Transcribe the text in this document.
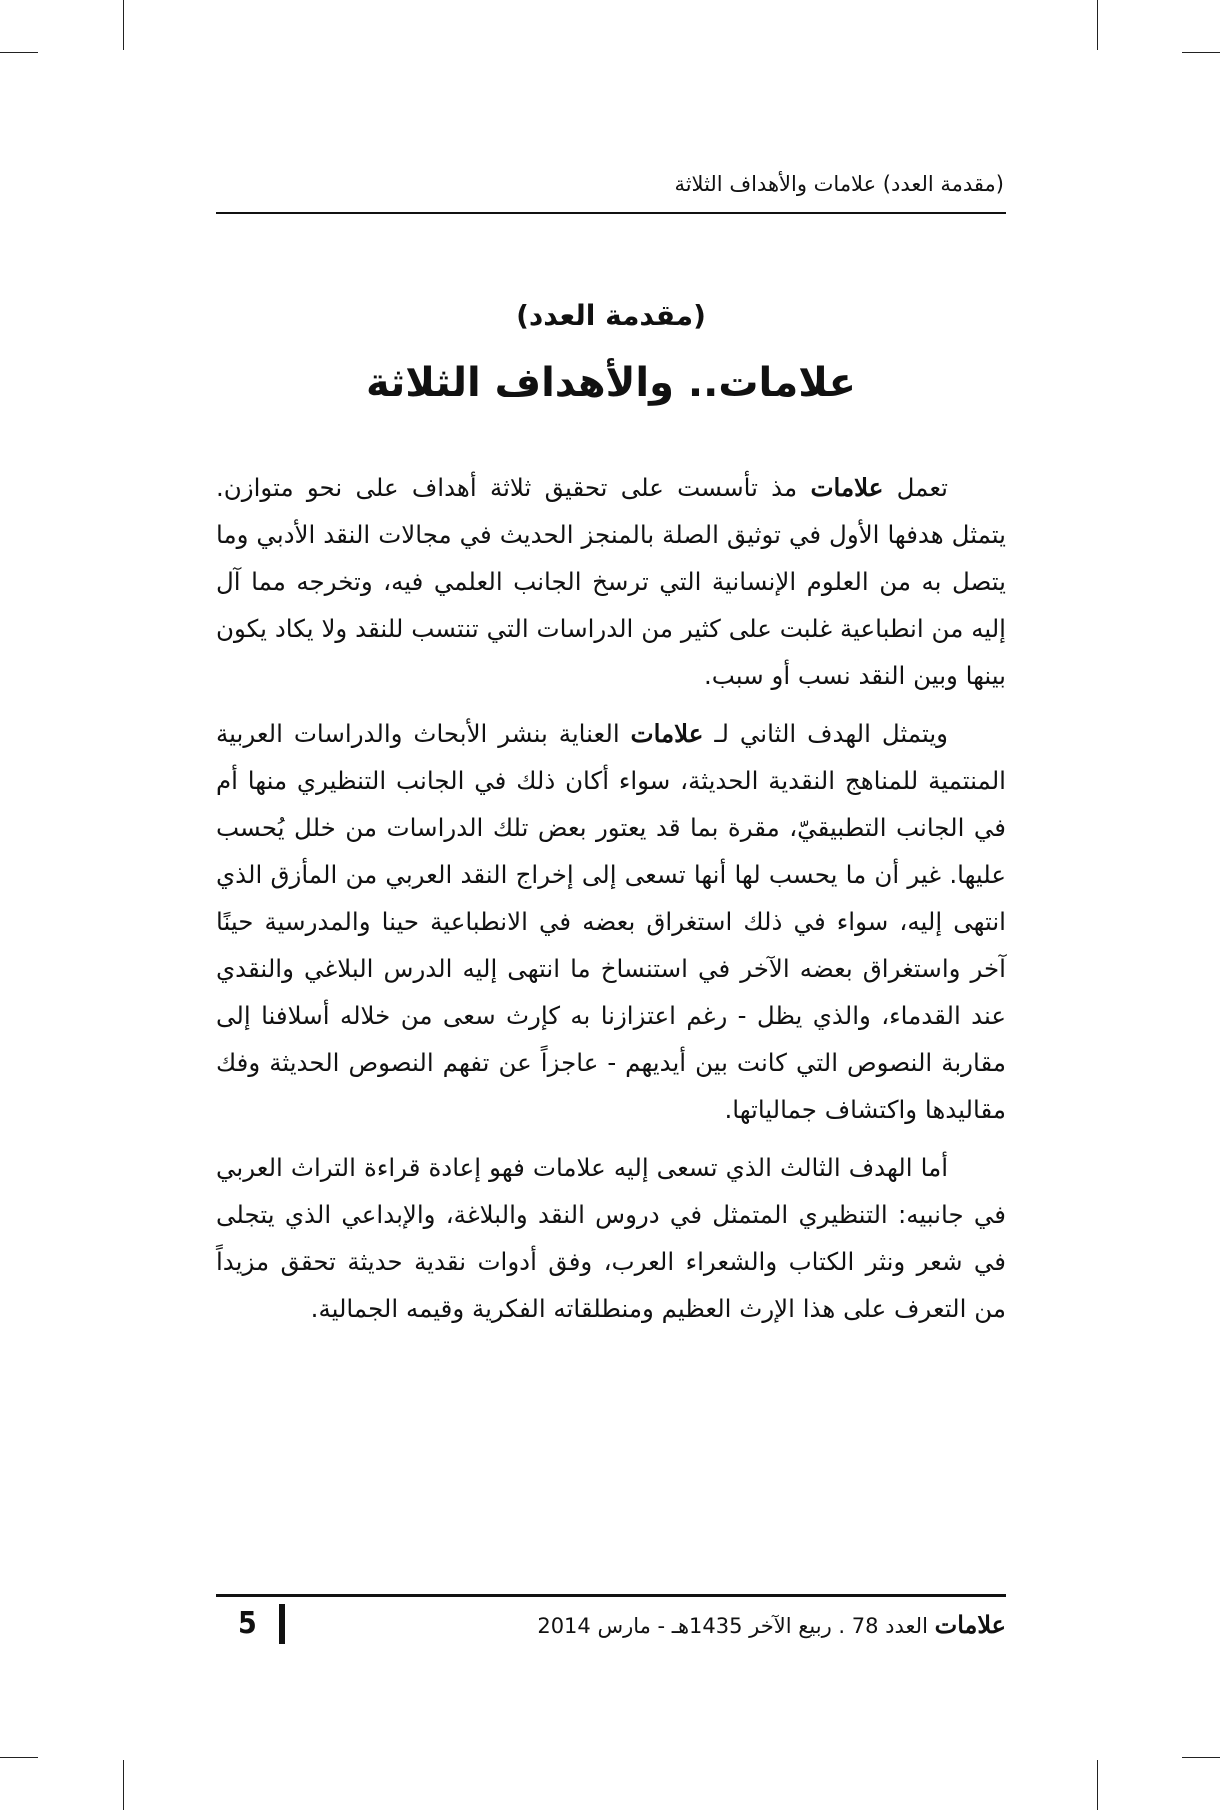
(مقدمة العدد) علامات والأهداف الثلاثة
(مقدمة العدد)
علامات.. والأهداف الثلاثة

تعمل علامات مذ تأسست على تحقيق ثلاثة أهداف على نحو متوازن. يتمثل هدفها الأول في توثيق الصلة بالمنجز الحديث في مجالات النقد الأدبي وما يتصل به من العلوم الإنسانية التي ترسخ الجانب العلمي فيه، وتخرجه مما آل إليه من انطباعية غلبت على كثير من الدراسات التي تنتسب للنقد ولا يكاد يكون بينها وبين النقد نسب أو سبب.

ويتمثل الهدف الثاني لـ علامات العناية بنشر الأبحاث والدراسات العربية المنتمية للمناهج النقدية الحديثة، سواء أكان ذلك في الجانب التنظيري منها أم في الجانب التطبيقيّ، مقرة بما قد يعتور بعض تلك الدراسات من خلل يُحسب عليها. غير أن ما يحسب لها أنها تسعى إلى إخراج النقد العربي من المأزق الذي انتهى إليه، سواء في ذلك استغراق بعضه في الانطباعية حينا والمدرسية حينًا آخر واستغراق بعضه الآخر في استنساخ ما انتهى إليه الدرس البلاغي والنقدي عند القدماء، والذي يظل - رغم اعتزازنا به كإرث سعى من خلاله أسلافنا إلى مقاربة النصوص التي كانت بين أيديهم - عاجزاً عن تفهم النصوص الحديثة وفك مقاليدها واكتشاف جمالياتها.

أما الهدف الثالث الذي تسعى إليه علامات فهو إعادة قراءة التراث العربي في جانبيه: التنظيري المتمثل في دروس النقد والبلاغة، والإبداعي الذي يتجلى في شعر ونثر الكتاب والشعراء العرب، وفق أدوات نقدية حديثة تحقق مزيداً من التعرف على هذا الإرث العظيم ومنطلقاته الفكرية وقيمه الجمالية.

5	علامات العدد 78 . ربيع الآخر 1435هـ - مارس 2014
